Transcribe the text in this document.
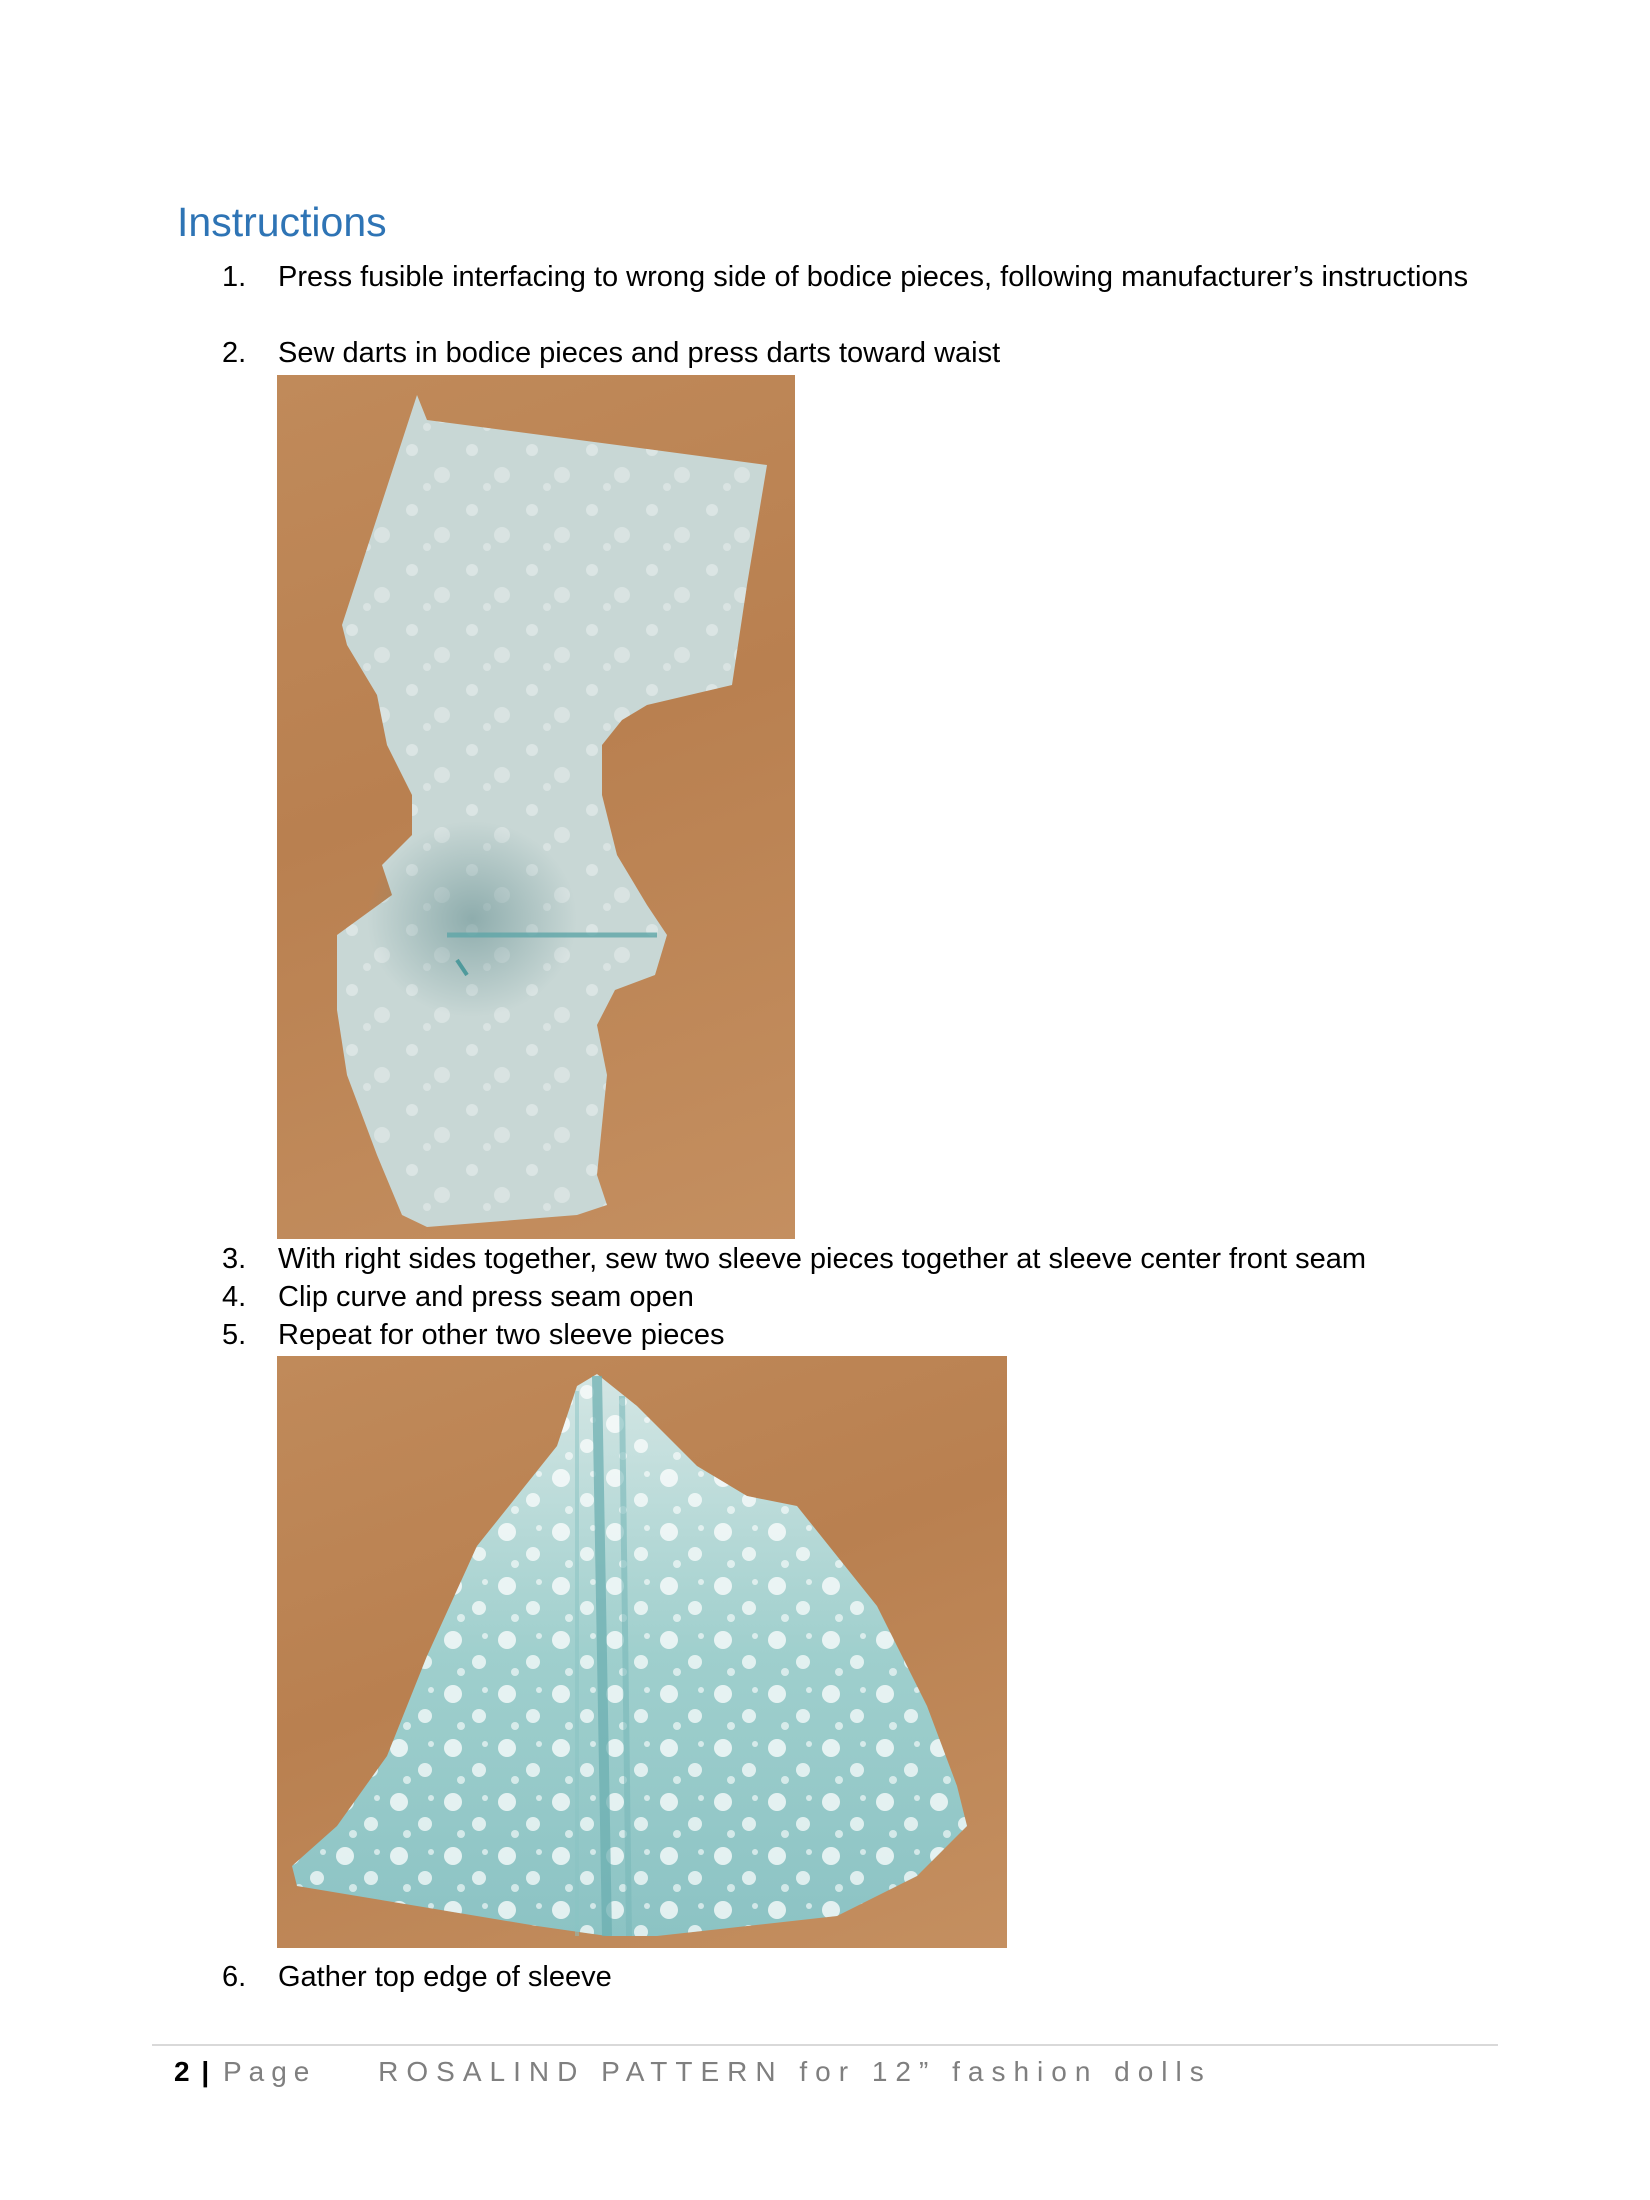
Instructions
1.	Press fusible interfacing to wrong side of bodice pieces, following manufacturer’s instructions
2.	Sew darts in bodice pieces and press darts toward waist
3.	With right sides together, sew two sleeve pieces together at sleeve center front seam
4.	Clip curve and press seam open
5.	Repeat for other two sleeve pieces
6.	Gather top edge of sleeve
2 | Page ROSALIND PATTERN for 12” fashion dolls
